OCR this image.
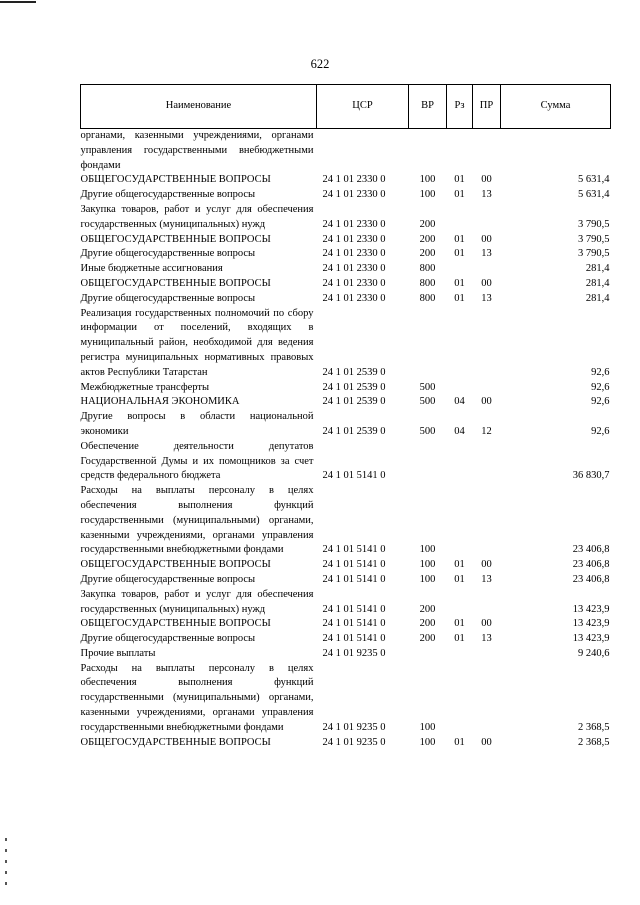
622
Наименование	ЦСР	ВР	Рз	ПР	Сумма
органами, казенными учреждениями, органами управления государственными внебюджетными фондами					
ОБЩЕГОСУДАРСТВЕННЫЕ ВОПРОСЫ	24 1 01 2330 0	100	01	00	5 631,4
Другие общегосударственные вопросы	24 1 01 2330 0	100	01	13	5 631,4
Закупка товаров, работ и услуг для обеспечения государственных (муниципальных) нужд	24 1 01 2330 0	200			3 790,5
ОБЩЕГОСУДАРСТВЕННЫЕ ВОПРОСЫ	24 1 01 2330 0	200	01	00	3 790,5
Другие общегосударственные вопросы	24 1 01 2330 0	200	01	13	3 790,5
Иные бюджетные ассигнования	24 1 01 2330 0	800			281,4
ОБЩЕГОСУДАРСТВЕННЫЕ ВОПРОСЫ	24 1 01 2330 0	800	01	00	281,4
Другие общегосударственные вопросы	24 1 01 2330 0	800	01	13	281,4
Реализация государственных полномочий по сбору информации от поселений, входящих в муниципальный район, необходимой для ведения регистра муниципальных нормативных правовых актов Республики Татарстан	24 1 01 2539 0				92,6
Межбюджетные трансферты	24 1 01 2539 0	500			92,6
НАЦИОНАЛЬНАЯ ЭКОНОМИКА	24 1 01 2539 0	500	04	00	92,6
Другие вопросы в области национальной экономики	24 1 01 2539 0	500	04	12	92,6
Обеспечение деятельности депутатов Государственной Думы и их помощников за счет средств федерального бюджета	24 1 01 5141 0				36 830,7
Расходы на выплаты персоналу в целях обеспечения выполнения функций государственными (муниципальными) органами, казенными учреждениями, органами управления государственными внебюджетными фондами	24 1 01 5141 0	100			23 406,8
ОБЩЕГОСУДАРСТВЕННЫЕ ВОПРОСЫ	24 1 01 5141 0	100	01	00	23 406,8
Другие общегосударственные вопросы	24 1 01 5141 0	100	01	13	23 406,8
Закупка товаров, работ и услуг для обеспечения государственных (муниципальных) нужд	24 1 01 5141 0	200			13 423,9
ОБЩЕГОСУДАРСТВЕННЫЕ ВОПРОСЫ	24 1 01 5141 0	200	01	00	13 423,9
Другие общегосударственные вопросы	24 1 01 5141 0	200	01	13	13 423,9
Прочие выплаты	24 1 01 9235 0				9 240,6
Расходы на выплаты персоналу в целях обеспечения выполнения функций государственными (муниципальными) органами, казенными учреждениями, органами управления государственными внебюджетными фондами	24 1 01 9235 0	100			2 368,5
ОБЩЕГОСУДАРСТВЕННЫЕ ВОПРОСЫ	24 1 01 9235 0	100	01	00	2 368,5
